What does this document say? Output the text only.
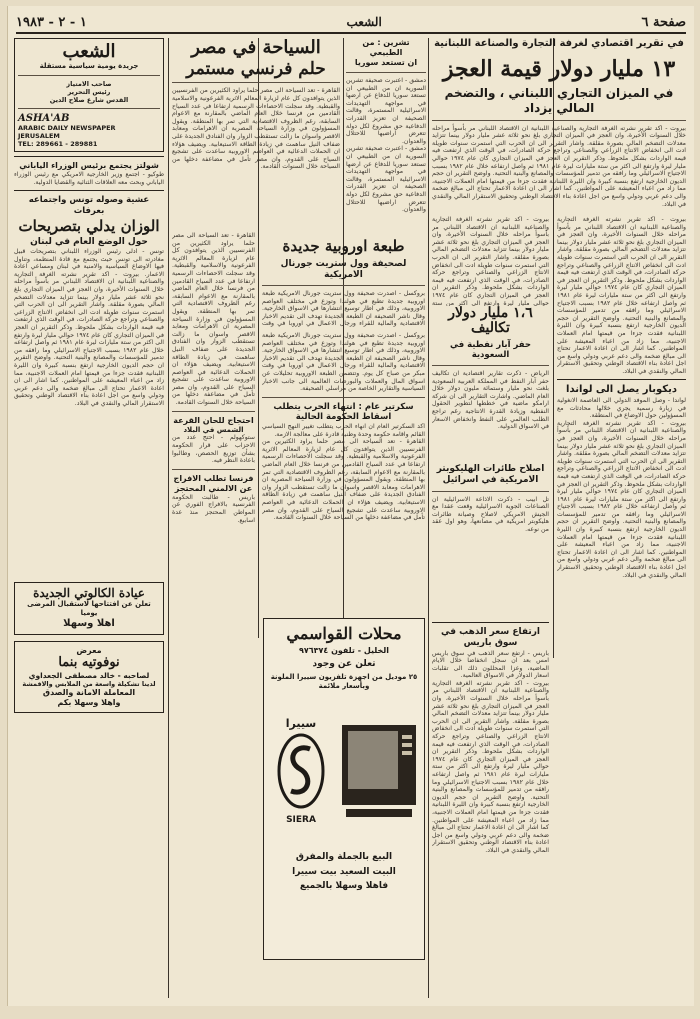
١ - ٢ - ١٩٨٣	الشعب	صفحة ٦
في تقرير اقتصادي لغرفة التجارة والصناعة اللبنانية
١٣ مليار دولار قيمة العجز
في الميزان التجاري اللبناني ، والتضخم المالي يزداد
بيروت - اكد تقرير نشرته الغرفة التجارية والصناعية اللبنانية ان الاقتصاد اللبناني مر بأسوأ مراحله خلال السنوات الأخيرة، وان العجز في الميزان التجاري بلغ نحو ثلاثة عشر مليار دولار بينما تتزايد معدلات التضخم المالي بصورة مقلقة. واشار التقرير الى ان الحرب التي استمرت سنوات طويلة ادت الى انخفاض الانتاج الزراعي والصناعي وتراجع حركة الصادرات، في الوقت الذي ارتفعت فيه قيمة الواردات بشكل ملحوظ. وذكر التقرير ان العجز في الميزان التجاري كان عام ١٩٧٤ حوالي مليار ليرة وارتفع الى اكثر من ستة مليارات ليرة عام ١٩٨١ ثم واصل ارتفاعه خلال عام ١٩٨٢ بسبب الاجتياح الاسرائيلي وما رافقه من تدمير للمؤسسات والمصانع والبنية التحتية. واوضح التقرير ان حجم الديون الخارجية ارتفع بنسبة كبيرة وان الليرة اللبنانية فقدت جزءا من قيمتها امام العملات الاجنبية، مما زاد من اعباء المعيشة على المواطنين. كما اشار الى ان اعادة الاعمار تحتاج الى مبالغ ضخمة والى دعم عربي ودولي واسع من اجل اعادة بناء الاقتصاد الوطني وتحقيق الاستقرار المالي والنقدي في البلاد.
بيروت - اكد تقرير نشرته الغرفة التجارية والصناعية اللبنانية ان الاقتصاد اللبناني مر بأسوأ مراحله خلال السنوات الأخيرة، وان العجز في الميزان التجاري بلغ نحو ثلاثة عشر مليار دولار بينما تتزايد معدلات التضخم المالي بصورة مقلقة. واشار التقرير الى ان الحرب التي استمرت سنوات طويلة ادت الى انخفاض الانتاج الزراعي والصناعي وتراجع حركة الصادرات، في الوقت الذي ارتفعت فيه قيمة الواردات بشكل ملحوظ. وذكر التقرير ان العجز في الميزان التجاري كان عام ١٩٧٤ حوالي مليار ليرة وارتفع الى اكثر من ستة مليارات ليرة عام ١٩٨١ ثم واصل ارتفاعه خلال عام ١٩٨٢ بسبب الاجتياح الاسرائيلي وما رافقه من تدمير للمؤسسات والمصانع والبنية التحتية. واوضح التقرير ان حجم الديون الخارجية ارتفع بنسبة كبيرة وان الليرة اللبنانية فقدت جزءا من قيمتها امام العملات الاجنبية، مما زاد من اعباء المعيشة على المواطنين. كما اشار الى ان اعادة الاعمار تحتاج الى مبالغ ضخمة والى دعم عربي ودولي واسع من اجل اعادة بناء الاقتصاد الوطني وتحقيق الاستقرار المالي والنقدي في البلاد.
ديكوبار يصل الى لواندا
لواندا - وصل الموفد الدولي الى العاصمة الانغولية في زيارة رسمية يجري خلالها محادثات مع المسؤولين حول الاوضاع في المنطقة.
بيروت - اكد تقرير نشرته الغرفة التجارية والصناعية اللبنانية ان الاقتصاد اللبناني مر بأسوأ مراحله خلال السنوات الأخيرة، وان العجز في الميزان التجاري بلغ نحو ثلاثة عشر مليار دولار بينما تتزايد معدلات التضخم المالي بصورة مقلقة. واشار التقرير الى ان الحرب التي استمرت سنوات طويلة ادت الى انخفاض الانتاج الزراعي والصناعي وتراجع حركة الصادرات، في الوقت الذي ارتفعت فيه قيمة الواردات بشكل ملحوظ. وذكر التقرير ان العجز في الميزان التجاري كان عام ١٩٧٤ حوالي مليار ليرة وارتفع الى اكثر من ستة مليارات ليرة عام ١٩٨١ ثم واصل ارتفاعه خلال عام ١٩٨٢ بسبب الاجتياح الاسرائيلي وما رافقه من تدمير للمؤسسات والمصانع والبنية التحتية. واوضح التقرير ان حجم الديون الخارجية ارتفع بنسبة كبيرة وان الليرة اللبنانية فقدت جزءا من قيمتها امام العملات الاجنبية، مما زاد من اعباء المعيشة على المواطنين. كما اشار الى ان اعادة الاعمار تحتاج الى مبالغ ضخمة والى دعم عربي ودولي واسع من اجل اعادة بناء الاقتصاد الوطني وتحقيق الاستقرار المالي والنقدي في البلاد.
بيروت - اكد تقرير نشرته الغرفة التجارية والصناعية اللبنانية ان الاقتصاد اللبناني مر بأسوأ مراحله خلال السنوات الأخيرة، وان العجز في الميزان التجاري بلغ نحو ثلاثة عشر مليار دولار بينما تتزايد معدلات التضخم المالي بصورة مقلقة. واشار التقرير الى ان الحرب التي استمرت سنوات طويلة ادت الى انخفاض الانتاج الزراعي والصناعي وتراجع حركة الصادرات، في الوقت الذي ارتفعت فيه قيمة الواردات بشكل ملحوظ. وذكر التقرير ان العجز في الميزان التجاري كان عام ١٩٧٤ حوالي مليار ليرة وارتفع الى اكثر من ستة
تشرين : من الطبيعي
ان تستعد سوريا
دمشق - اعتبرت صحيفة تشرين السورية ان من الطبيعي ان تستعد سوريا للدفاع عن ارضها في مواجهة التهديدات الاسرائيلية المستمرة، وقالت الصحيفة ان تعزيز القدرات الدفاعية حق مشروع لكل دولة تتعرض اراضيها للاحتلال والعدوان.
دمشق - اعتبرت صحيفة تشرين السورية ان من الطبيعي ان تستعد سوريا للدفاع عن ارضها في مواجهة التهديدات الاسرائيلية المستمرة، وقالت الصحيفة ان تعزيز القدرات الدفاعية حق مشروع لكل دولة تتعرض اراضيها للاحتلال والعدوان.
السياحة في مصر
حلم فرنسي مستمر
القاهرة - تعد السياحة الى مصر حلما يراود الكثيرين من الفرنسيين الذين يتوافدون كل عام لزيارة المعالم الاثرية الفرعونية والاسلامية والقبطية. وقد سجلت الاحصاءات الرسمية ارتفاعا في عدد السياح القادمين من فرنسا خلال العام الماضي بالمقارنة مع الاعوام السابقة، رغم الظروف الاقتصادية التي تمر بها المنطقة. ويقول المسؤولون في وزارة السياحة المصرية ان الاهرامات ومعابد الاقصر واسوان ما زالت تستقطب الزوار وان الفنادق الجديدة على ضفاف النيل ساهمت في زيادة الطاقة الاستيعابية. ويضيف هؤلاء ان الحملات الدعائية في العواصم الاوروبية ساعدت على تشجيع السياح على القدوم، وان مصر تأمل في مضاعفة دخلها من السياحة خلال السنوات القادمة.
طبعة اوروبية جديدة
لصحيفة وول ستريت جورنال الامريكية
بروكسل - اصدرت صحيفة وول ستريت جورنال الامريكية طبعة اوروبية جديدة تطبع في هولندا وتوزع في مختلف العواصم الاوروبية، وذلك في اطار توسيع انتشارها في الاسواق الخارجية. وقال ناشر الصحيفة ان الطبعة الجديدة تهدف الى تقديم الاخبار الاقتصادية والمالية للقراء ورجال الاعمال في اوروبا في وقت
١،٦ مليار دولار تكاليف
حفر آبار نفطية في السعودية
الرياض - ذكرت تقارير اقتصادية ان تكاليف حفر آبار النفط في المملكة العربية السعودية بلغت نحو مليار وستمائة مليون دولار خلال العام الماضي. واشارت التقارير الى ان شركة ارامكو ماضية في خططها لتطوير الحقول النفطية وزيادة القدرة الانتاجية رغم تراجع الطلب العالمي على النفط وانخفاض الاسعار في الاسواق الدولية.
اصلاح طائرات الهليكوبتر الامريكية في اسرائيل
تل ابيب - ذكرت الاذاعة الاسرائيلية ان الصناعات الجوية الاسرائيلية وقعت عقدا مع الجيش الامريكي لاصلاح وصيانة طائرات هليكوبتر امريكية في مصانعها، وهو اول عقد من نوعه.
بروكسل - اصدرت صحيفة وول ستريت جورنال الامريكية طبعة اوروبية جديدة تطبع في هولندا وتوزع في مختلف العواصم الاوروبية، وذلك في اطار توسيع انتشارها في الاسواق الخارجية. وقال ناشر الصحيفة ان الطبعة الجديدة تهدف الى تقديم الاخبار الاقتصادية والمالية للقراء ورجال الاعمال في اوروبا في وقت مبكر من صباح كل يوم. وتتضمن الطبعة الاوروبية تحليلات عن اسواق المال والعملات والبورصات العالمية الى جانب الاخبار السياسية والتقارير الخاصة من مراسلي الصحيفة.
سكرتير عام : انتهاء الحرب يتطلب اسقاط الحكومة الحالية
اكد السكرتير العام ان انهاء الحرب يتطلب تغيير النهج السياسي القائم واقامة حكومة وحدة وطنية قادرة على معالجة الازمة.
القاهرة - تعد السياحة الى مصر حلما يراود الكثيرين من الفرنسيين الذين يتوافدون كل عام لزيارة المعالم الاثرية الفرعونية والاسلامية والقبطية. وقد سجلت الاحصاءات الرسمية ارتفاعا في عدد السياح القادمين من فرنسا خلال العام الماضي بالمقارنة مع الاعوام السابقة، رغم الظروف الاقتصادية التي تمر بها المنطقة. ويقول المسؤولون في وزارة السياحة المصرية ان الاهرامات ومعابد الاقصر واسوان ما زالت تستقطب الزوار وان الفنادق الجديدة على ضفاف النيل ساهمت في زيادة الطاقة الاستيعابية. ويضيف هؤلاء ان الحملات الدعائية في العواصم الاوروبية ساعدت على تشجيع السياح على القدوم، وان مصر تأمل في مضاعفة دخلها من السياحة خلال السنوات القادمة.
القاهرة - تعد السياحة الى مصر حلما يراود الكثيرين من الفرنسيين الذين يتوافدون كل عام لزيارة المعالم الاثرية الفرعونية والاسلامية والقبطية. وقد سجلت الاحصاءات الرسمية ارتفاعا في عدد السياح القادمين من فرنسا خلال العام الماضي بالمقارنة مع الاعوام السابقة، رغم الظروف الاقتصادية التي تمر بها المنطقة. ويقول المسؤولون في وزارة السياحة المصرية ان الاهرامات ومعابد الاقصر واسوان ما زالت تستقطب الزوار وان الفنادق الجديدة على ضفاف النيل ساهمت في زيادة الطاقة الاستيعابية. ويضيف هؤلاء ان الحملات الدعائية في العواصم الاوروبية ساعدت على تشجيع السياح على القدوم، وان مصر تأمل في مضاعفة دخلها من السياحة خلال السنوات القادمة.
احتجاج للحان القرعة
الشمس في البلاد
ستوكهولم - احتج عدد من الاحزاب على قرار الحكومة بشأن توزيع الحصص، وطالبوا باعادة النظر فيه.
فرنسا تطلب الافراج عن الالمني المحتجز
باريس - طالبت الحكومة الفرنسية بالافراج الفوري عن المواطن المحتجز منذ عدة اسابيع.
ارتفاع سعر الذهب في سوق باريس
باريس - ارتفع سعر الذهب في سوق باريس امس بعد ان سجل انخفاضا خلال الايام الماضية، وعزا المحللون ذلك الى تقلبات اسعار الدولار في الاسواق العالمية.
بيروت - اكد تقرير نشرته الغرفة التجارية والصناعية اللبنانية ان الاقتصاد اللبناني مر بأسوأ مراحله خلال السنوات الأخيرة، وان العجز في الميزان التجاري بلغ نحو ثلاثة عشر مليار دولار بينما تتزايد معدلات التضخم المالي بصورة مقلقة. واشار التقرير الى ان الحرب التي استمرت سنوات طويلة ادت الى انخفاض الانتاج الزراعي والصناعي وتراجع حركة الصادرات، في الوقت الذي ارتفعت فيه قيمة الواردات بشكل ملحوظ. وذكر التقرير ان العجز في الميزان التجاري كان عام ١٩٧٤ حوالي مليار ليرة وارتفع الى اكثر من ستة مليارات ليرة عام ١٩٨١ ثم واصل ارتفاعه خلال عام ١٩٨٢ بسبب الاجتياح الاسرائيلي وما رافقه من تدمير للمؤسسات والمصانع والبنية التحتية. واوضح التقرير ان حجم الديون الخارجية ارتفع بنسبة كبيرة وان الليرة اللبنانية فقدت جزءا من قيمتها امام العملات الاجنبية، مما زاد من اعباء المعيشة على المواطنين. كما اشار الى ان اعادة الاعمار تحتاج الى مبالغ ضخمة والى دعم عربي ودولي واسع من اجل اعادة بناء الاقتصاد الوطني وتحقيق الاستقرار المالي والنقدي في البلاد.
محلات القواسمي
الخليل - تلفون ٩٧٦٣٧٤
تعلن عن وجود
٢٥ موديل من اجهزة تلفزيون سييرا الملونة
وبأسعار ملائمة
سييرا
SIERA
البيع بالجملة والمفرق
البيت السعيد بيت سييرا
فاهلا وسهلا بالجميع
الشعب
جريدة يومية سياسية مستقلة
صاحب الامتياز
رئيس التحرير
القدس شارع صلاح الدين
ASHA'AB
ARABIC DAILY NEWSPAPER
JERUSALEM
TEL: 289661 - 289881
شولتز يجتمع برئيس الوزراء الياباني
طوكيو - اجتمع وزير الخارجية الامريكي مع رئيس الوزراء الياباني وبحث معه العلاقات الثنائية والقضايا الدولية.
عشية وصوله تونس واجتماعه بعرفات
الوزان يدلي بتصريحات
حول الوضع العام في لبنان
تونس - ادلى رئيس الوزراء اللبناني بتصريحات قبيل مغادرته الى تونس حيث يجتمع مع قادة المنظمة، وتناول فيها الاوضاع السياسية والامنية في لبنان ومساعي اعادة الاعمار. بيروت - اكد تقرير نشرته الغرفة التجارية والصناعية اللبنانية ان الاقتصاد اللبناني مر بأسوأ مراحله خلال السنوات الأخيرة، وان العجز في الميزان التجاري بلغ نحو ثلاثة عشر مليار دولار بينما تتزايد معدلات التضخم المالي بصورة مقلقة. واشار التقرير الى ان الحرب التي استمرت سنوات طويلة ادت الى انخفاض الانتاج الزراعي والصناعي وتراجع حركة الصادرات، في الوقت الذي ارتفعت فيه قيمة الواردات بشكل ملحوظ. وذكر التقرير ان العجز في الميزان التجاري كان عام ١٩٧٤ حوالي مليار ليرة وارتفع الى اكثر من ستة مليارات ليرة عام ١٩٨١ ثم واصل ارتفاعه خلال عام ١٩٨٢ بسبب الاجتياح الاسرائيلي وما رافقه من تدمير للمؤسسات والمصانع والبنية التحتية. واوضح التقرير ان حجم الديون الخارجية ارتفع بنسبة كبيرة وان الليرة اللبنانية فقدت جزءا من قيمتها امام العملات الاجنبية، مما زاد من اعباء المعيشة على المواطنين. كما اشار الى ان اعادة الاعمار تحتاج الى مبالغ ضخمة والى دعم عربي ودولي واسع من اجل اعادة بناء الاقتصاد الوطني وتحقيق الاستقرار المالي والنقدي في البلاد.
عيادة الكالوتي الجديدة
تعلن عن افتتاحها لاستقبال المرضى يوميا
اهلا وسهلا
معرض
نوفوتيه بنما
لصاحبه - خالد مصطفى الجعداوي
لدينا تشكيلة واسعة من الملابس والاقمشة
المعاملة الامانة والصدق
واهلا وسهلا بكم
